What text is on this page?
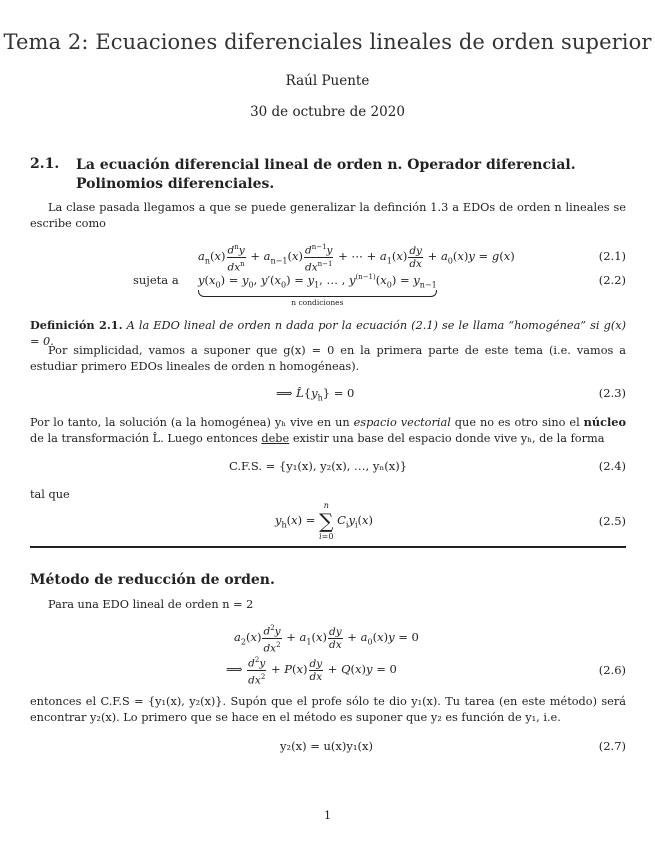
Tema 2: Ecuaciones diferenciales lineales de orden superior
Raúl Puente
30 de octubre de 2020
2.1. La ecuación diferencial lineal de orden n. Operador diferencial. Polinomios diferenciales.
La clase pasada llegamos a que se puede generalizar la definción 1.3 a EDOs de orden n lineales se escribe como
$a_n(x) \frac{d^ny}{dx^n} + a_{n-1}(x) \frac{d^{n-1}y}{dx^{n-1}}$ + ⋯ + $a_1(x) \frac{dy}{dx} + a_0(x)y = g(x)$	(2.1)
sujeta a $y(x_0) = y_0$, $y'(x_0) = y_1$, … , $y^{(n-1)}(x_0) = y_{n-1}$
n condiciones
(2.2)
Definición 2.1. A la EDO lineal de orden n dada por la ecuación (2.1) se le llama “homogénea” si g(x) = 0.
Por simplicidad, vamos a suponer que g(x) = 0 en la primera parte de este tema (i.e. vamos a estudiar primero EDOs lineales de orden n homogéneas).
⟹ $L̂\{y_h\} = 0$	(2.3)
Por lo tanto, la solución (a la homogénea) yₕ vive en un espacio vectorial que no es otro sino el núcleo de la transformación L̂. Luego entonces debe existir una base del espacio donde vive yₕ, de la forma
C.F.S. = {y₁(x), y₂(x), …, yₙ(x)}	(2.4)
tal que
$y_h(x)$ =
n
∑
i=0
$C_iy_i(x)$	(2.5)
Método de reducción de orden.
Para una EDO lineal de orden n = 2
$a_2(x) \frac{d^2y}{dx^2} + a_1(x) \frac{dy}{dx} + a_0(x)y = 0$
⟹ $\frac{d^2y}{dx^2} + P(x) \frac{dy}{dx} + Q(x)y = 0$	(2.6)
entonces el C.F.S = {y₁(x), y₂(x)}. Supón que el profe sólo te dio y₁(x). Tu tarea (en este método) será encontrar y₂(x). Lo primero que se hace en el método es suponer que y₂ es función de y₁, i.e.
y₂(x) = u(x)y₁(x)	(2.7)
1
